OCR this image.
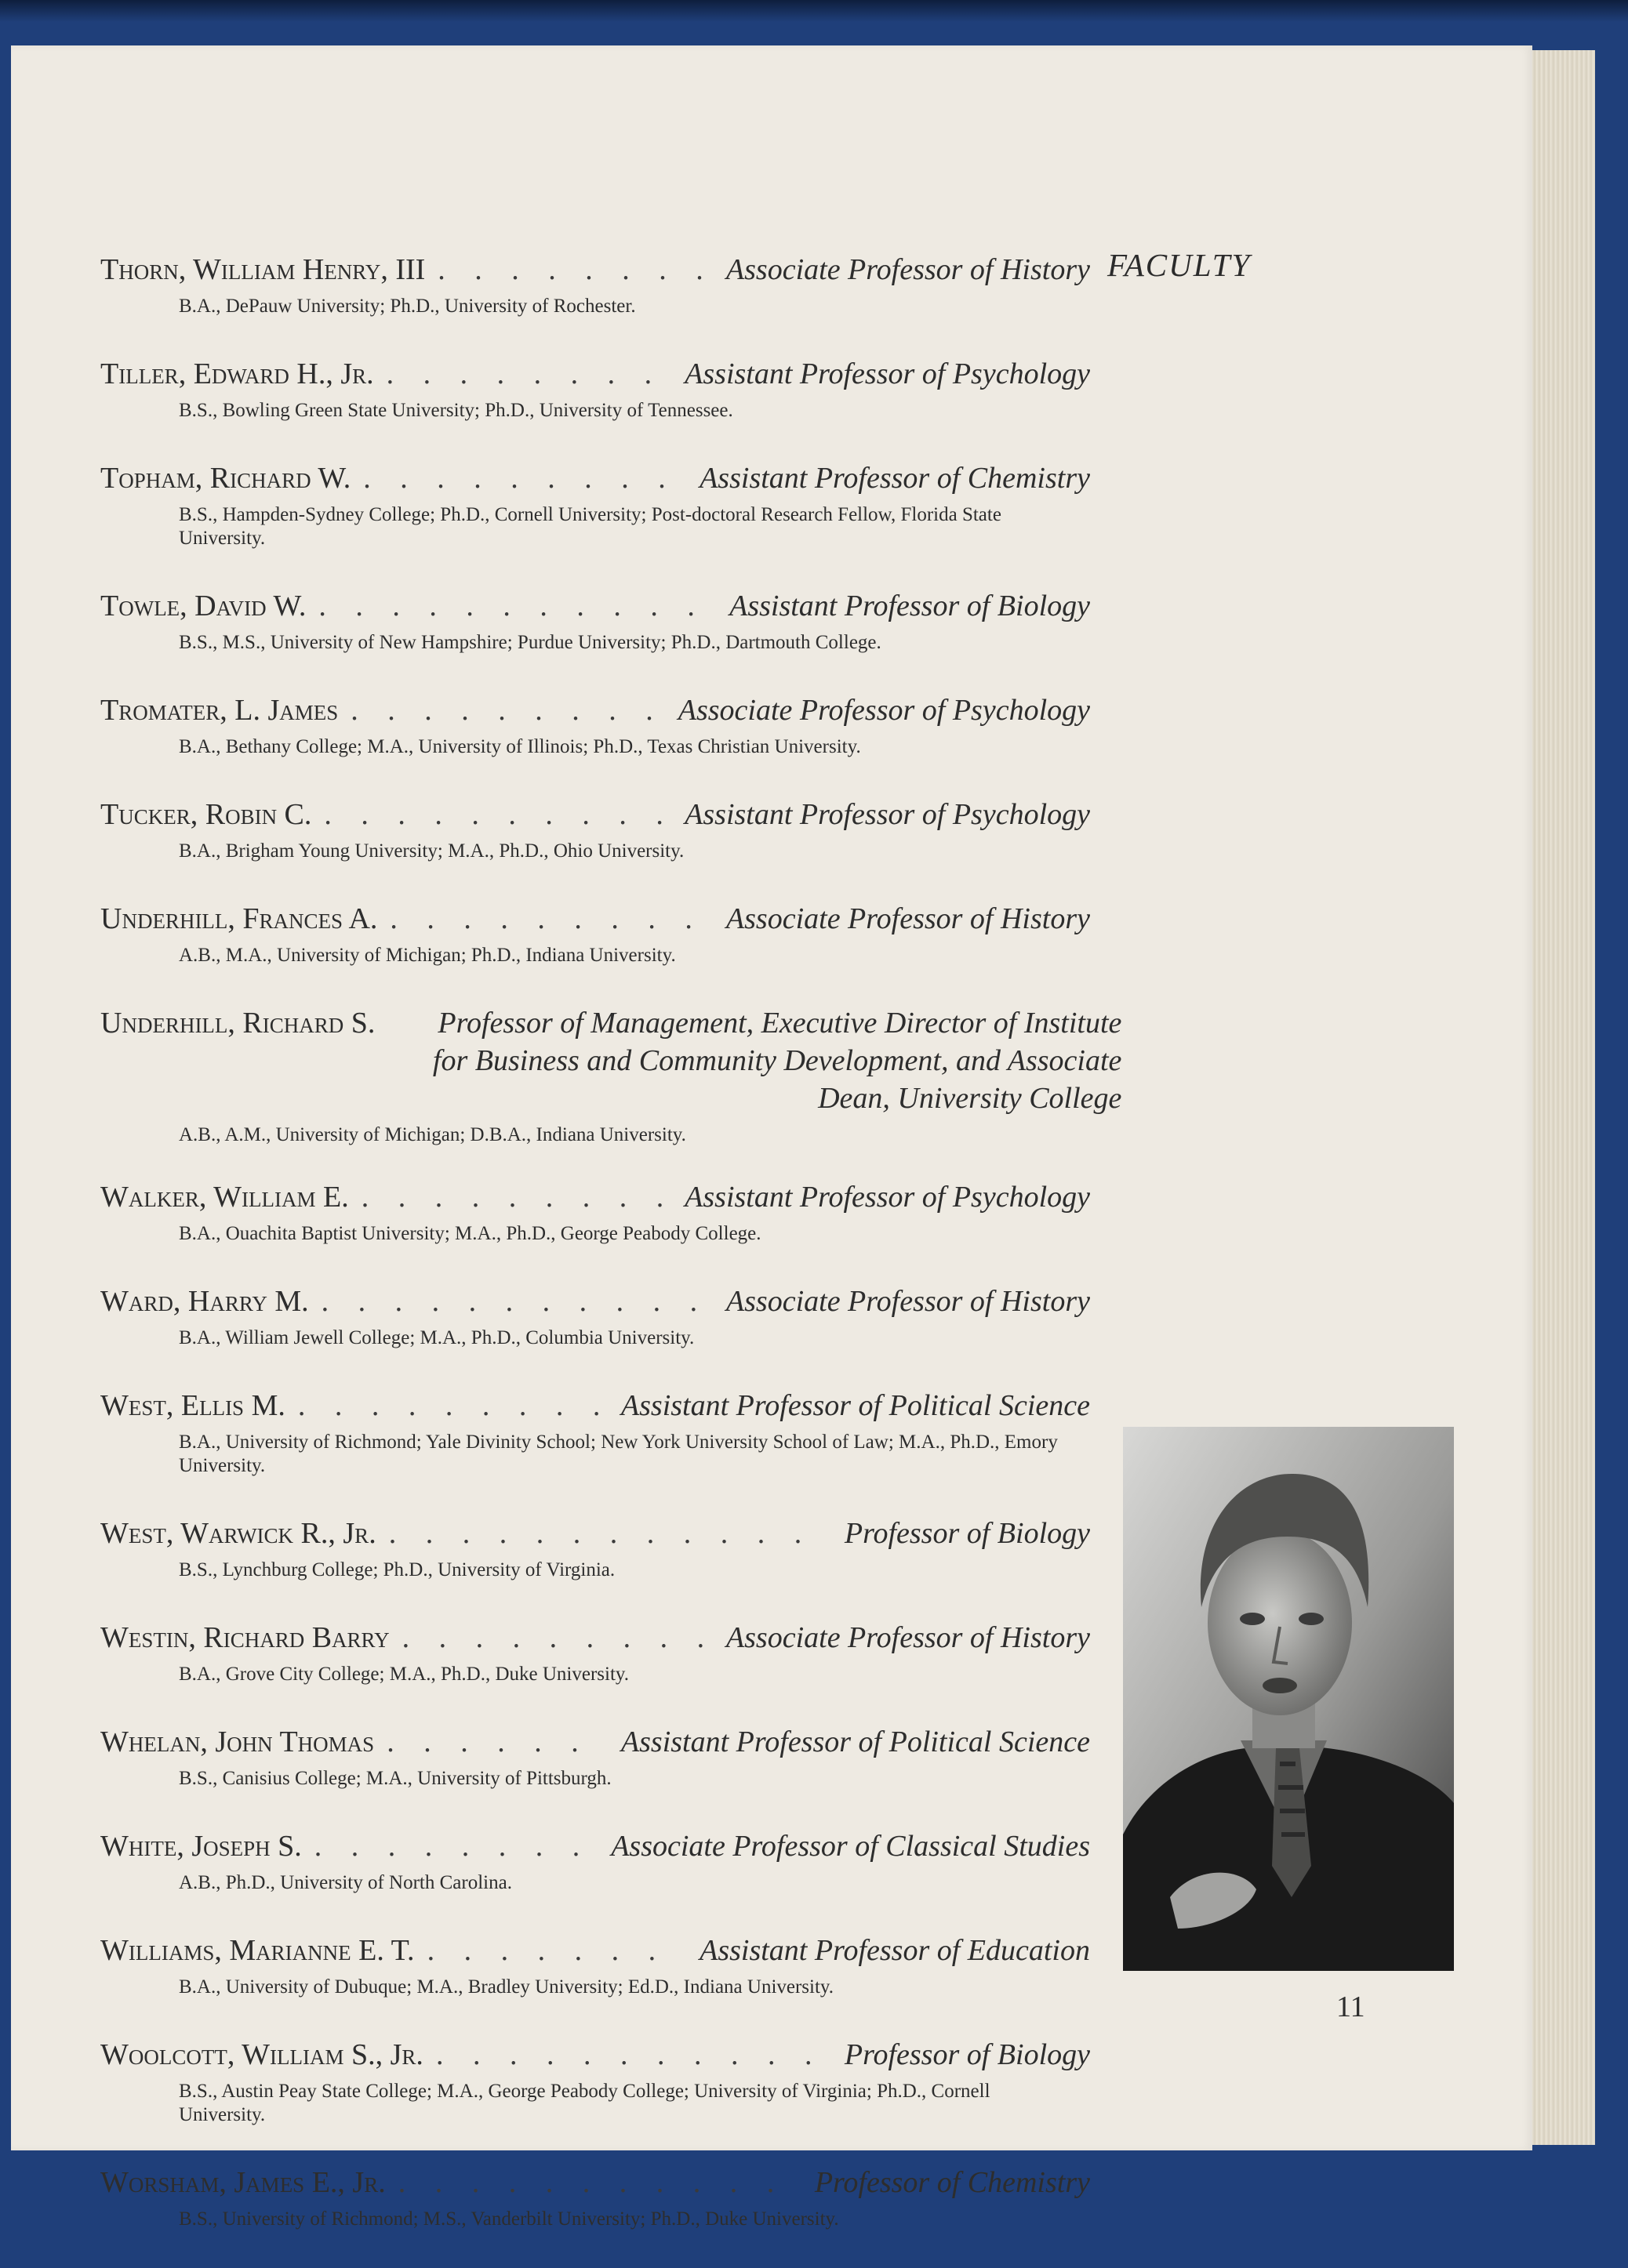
FACULTY
Thorn, William Henry, III . . .	Associate Professor of History

B.A., DePauw University; Ph.D., University of Rochester.

Tiller, Edward H., Jr. . . .	Assistant Professor of Psychology

B.S., Bowling Green State University; Ph.D., University of Tennessee.

Topham, Richard W. . . .	Assistant Professor of Chemistry

B.S., Hampden-Sydney College; Ph.D., Cornell University; Post-doctoral Research Fellow, Florida State University.

Towle, David W. . . .	Assistant Professor of Biology

B.S., M.S., University of New Hampshire; Purdue University; Ph.D., Dartmouth College.

Tromater, L. James . . .	Associate Professor of Psychology

B.A., Bethany College; M.A., University of Illinois; Ph.D., Texas Christian University.

Tucker, Robin C. . . .	Assistant Professor of Psychology

B.A., Brigham Young University; M.A., Ph.D., Ohio University.

Underhill, Frances A. . . .	Associate Professor of History

A.B., M.A., University of Michigan; Ph.D., Indiana University.

Underhill, Richard S.	Professor of Management, Executive Director of Institute for Business and Community Development, and Associate Dean, University College

A.B., A.M., University of Michigan; D.B.A., Indiana University.

Walker, William E. . . .	Assistant Professor of Psychology

B.A., Ouachita Baptist University; M.A., Ph.D., George Peabody College.

Ward, Harry M. . . .	Associate Professor of History

B.A., William Jewell College; M.A., Ph.D., Columbia University.

West, Ellis M. . . .	Assistant Professor of Political Science

B.A., University of Richmond; Yale Divinity School; New York University School of Law; M.A., Ph.D., Emory University.

West, Warwick R., Jr. . . .	Professor of Biology

B.S., Lynchburg College; Ph.D., University of Virginia.

Westin, Richard Barry . . .	Associate Professor of History

B.A., Grove City College; M.A., Ph.D., Duke University.

Whelan, John Thomas . . .	Assistant Professor of Political Science

B.S., Canisius College; M.A., University of Pittsburgh.

White, Joseph S. . . .	Associate Professor of Classical Studies

A.B., Ph.D., University of North Carolina.

Williams, Marianne E. T. . . .	Assistant Professor of Education

B.A., University of Dubuque; M.A., Bradley University; Ed.D., Indiana University.

Woolcott, William S., Jr. . . .	Professor of Biology

B.S., Austin Peay State College; M.A., George Peabody College; University of Virginia; Ph.D., Cornell University.

Worsham, James E., Jr. . . .	Professor of Chemistry

B.S., University of Richmond; M.S., Vanderbilt University; Ph.D., Duke University.

11
